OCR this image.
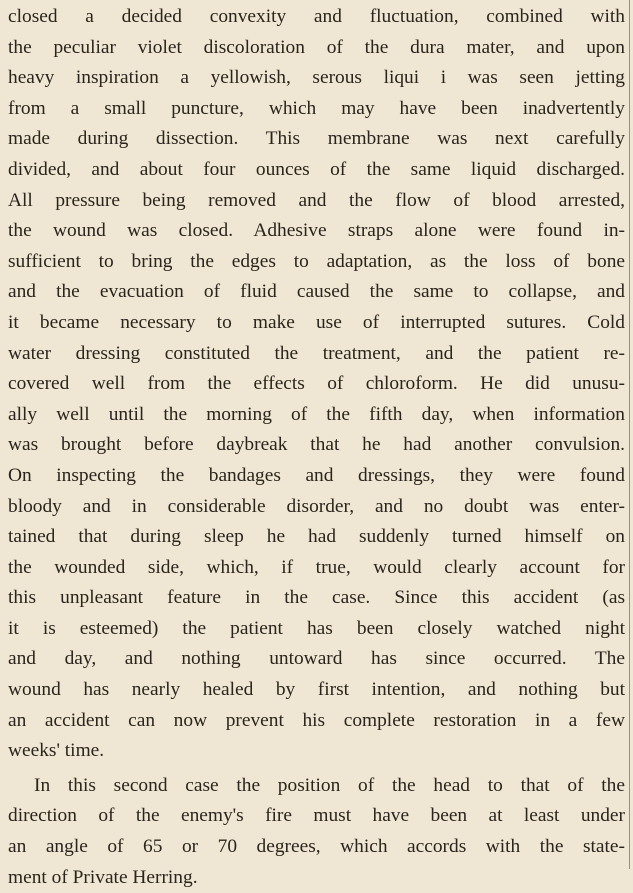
closed a decided convexity and fluctuation, combined with
the peculiar violet discoloration of the dura mater, and upon
heavy inspiration a yellowish, serous liqui i was seen jetting
from a small puncture, which may have been inadvertently
made during dissection. This membrane was next carefully
divided, and about four ounces of the same liquid discharged.
All pressure being removed and the flow of blood arrested,
the wound was closed. Adhesive straps alone were found in-
sufficient to bring the edges to adaptation, as the loss of bone
and the evacuation of fluid caused the same to collapse, and
it became necessary to make use of interrupted sutures. Cold
water dressing constituted the treatment, and the patient re-
covered well from the effects of chloroform. He did unusu-
ally well until the morning of the fifth day, when information
was brought before daybreak that he had another convulsion.
On inspecting the bandages and dressings, they were found
bloody and in considerable disorder, and no doubt was enter-
tained that during sleep he had suddenly turned himself on
the wounded side, which, if true, would clearly account for
this unpleasant feature in the case. Since this accident (as
it is esteemed) the patient has been closely watched night
and day, and nothing untoward has since occurred. The
wound has nearly healed by first intention, and nothing but
an accident can now prevent his complete restoration in a few
weeks' time.
In this second case the position of the head to that of the
direction of the enemy's fire must have been at least under
an angle of 65 or 70 degrees, which accords with the state-
ment of Private Herring.
